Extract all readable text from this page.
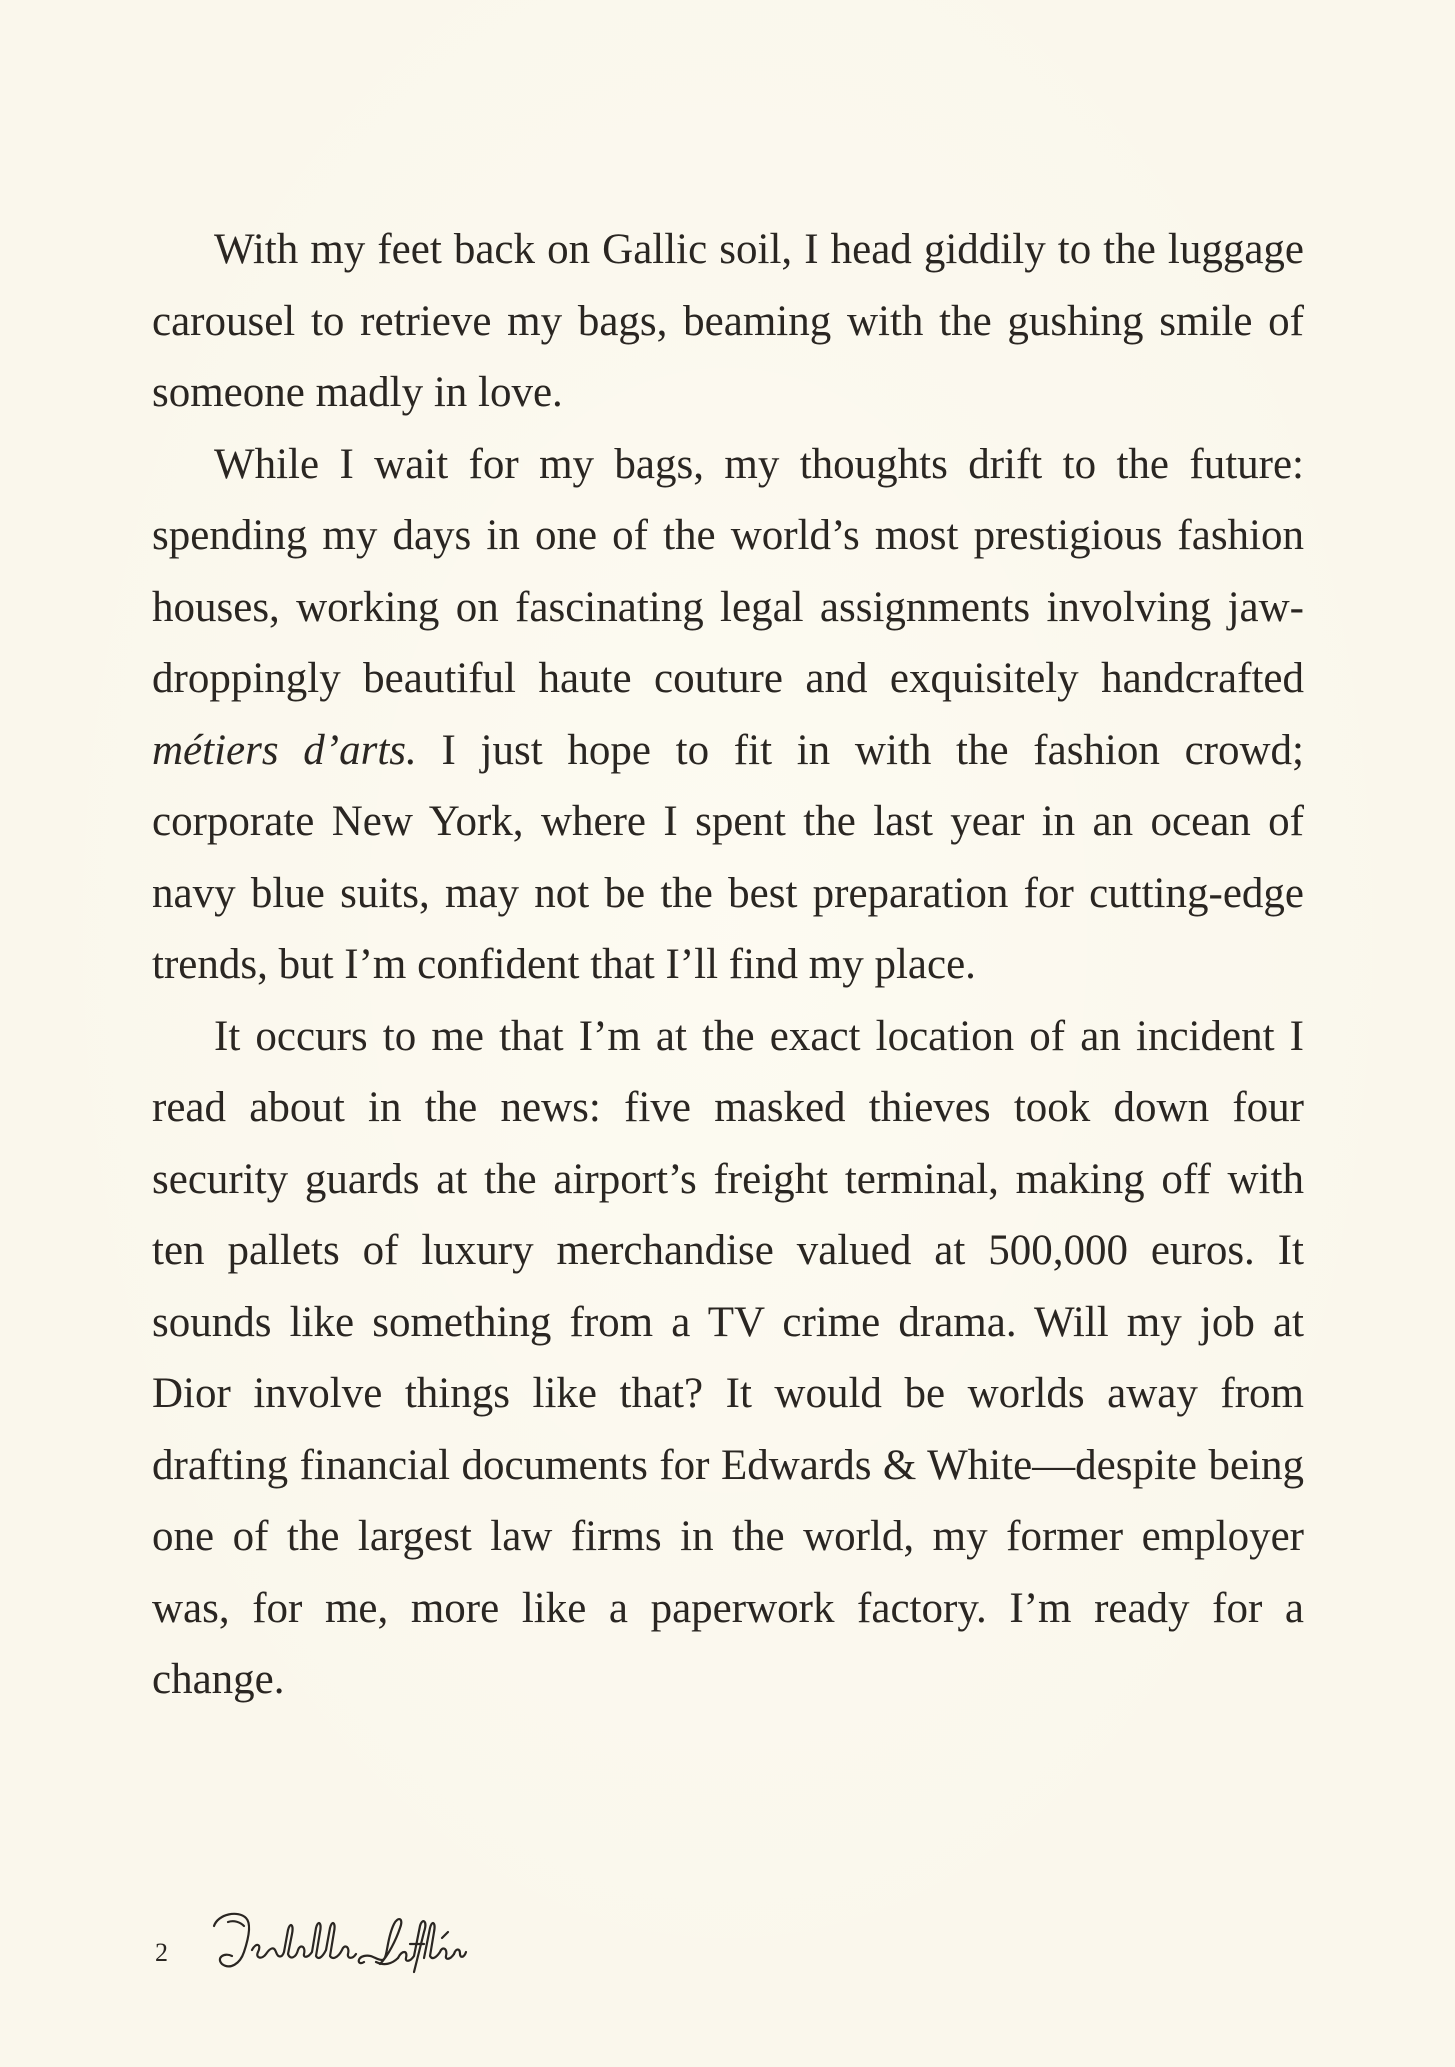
With my feet back on Gallic soil, I head giddily to the luggage carousel to retrieve my bags, beaming with the gushing smile of someone madly in love.

While I wait for my bags, my thoughts drift to the future: spending my days in one of the world’s most prestigious fashion houses, working on fascinating legal assignments involving jaw-droppingly beautiful haute couture and exquisitely handcrafted métiers d’arts. I just hope to fit in with the fashion crowd; corporate New York, where I spent the last year in an ocean of navy blue suits, may not be the best preparation for cutting-edge trends, but I’m confident that I’ll find my place.

It occurs to me that I’m at the exact location of an incident I read about in the news: five masked thieves took down four security guards at the airport’s freight terminal, making off with ten pallets of luxury merchandise valued at 500,000 euros. It sounds like something from a TV crime drama. Will my job at Dior involve things like that? It would be worlds away from drafting financial documents for Edwards & White—despite being one of the largest law firms in the world, my former employer was, for me, more like a paperwork factory. I’m ready for a change.

2
